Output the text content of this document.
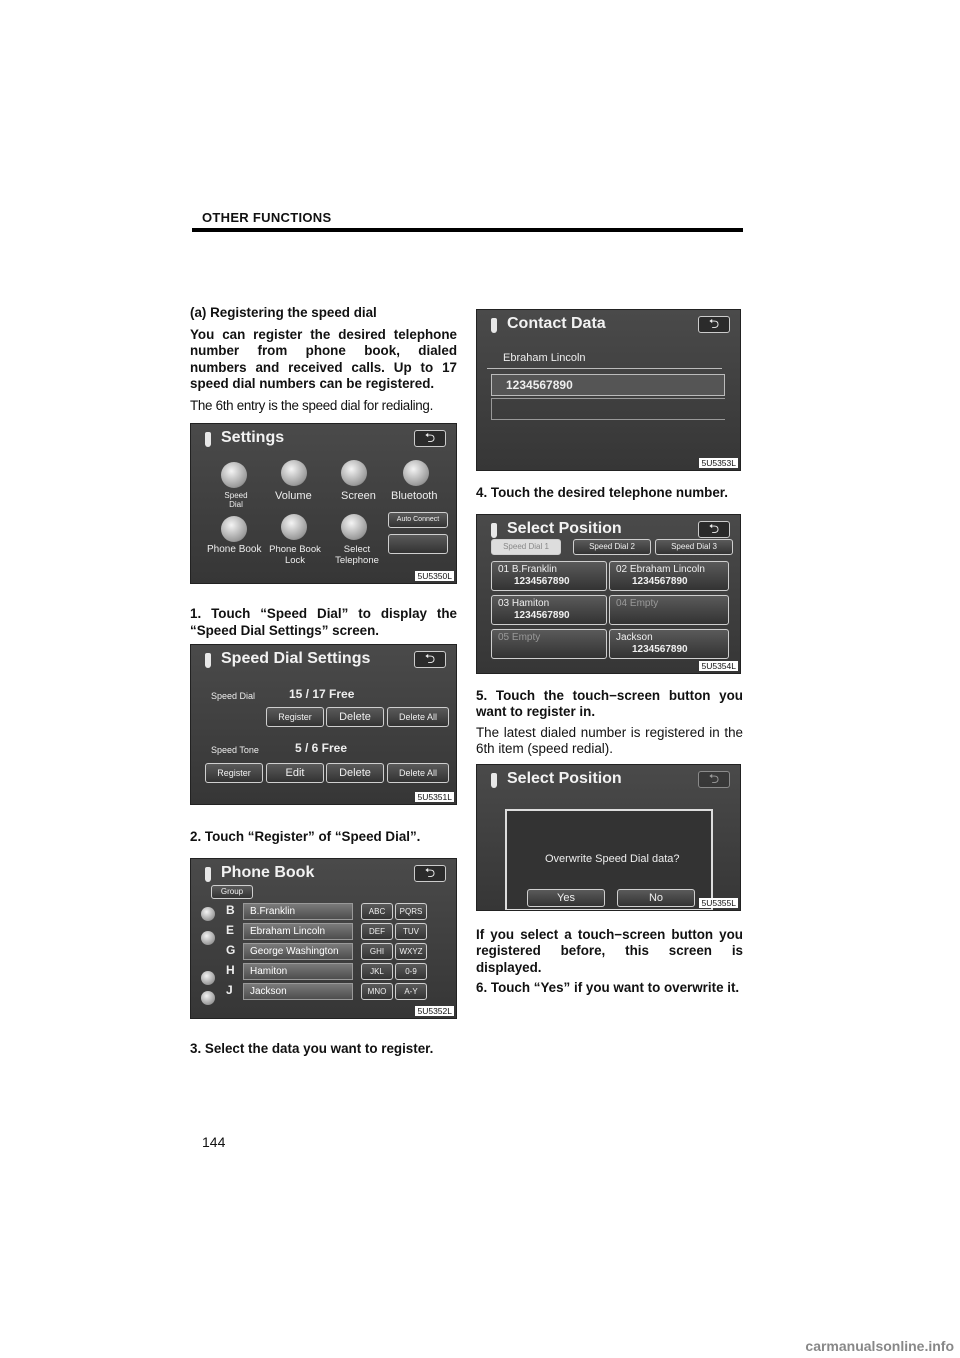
OTHER FUNCTIONS
(a) Registering the speed dial
You can register the desired telephone number from phone book, dialed numbers and received calls. Up to 17 speed dial numbers can be registered.
The 6th entry is the speed dial for redialing.
Settings	⮌
Speed Dial
Volume	Screen Bluetooth
Phone Book Phone Book Lock
Select Telephone
Auto Connect
5U5350L
1. Touch “Speed Dial” to display the “Speed Dial Settings” screen.
Speed Dial Settings	⮌
Speed Dial	15 / 17 Free
Register	Delete	Delete All
Speed Tone	5 / 6 Free
Register	Edit	Delete	Delete All
5U5351L
2. Touch “Register” of “Speed Dial”.
Phone Book	⮌
Group
B	B.Franklin	ABC	PQRS
E	Ebraham Lincoln	DEF	TUV
G	George Washington	GHI	WXYZ
H	Hamiton	JKL	0-9
J	Jackson	MNO	A-Y
5U5352L
3. Select the data you want to register.
Contact Data	⮌
Ebraham Lincoln
1234567890
5U5353L
4. Touch the desired telephone number.
Select Position	⮌
Speed Dial 1	Speed Dial 2	Speed Dial 3
01 B.Franklin
1234567890
02 Ebraham Lincoln
1234567890
03 Hamiton
1234567890
04 Empty
05 Empty	Jackson
1234567890
5U5354L
5. Touch the touch−screen button you want to register in.
The latest dialed number is registered in the 6th item (speed redial).
Select Position	⮌
Overwrite Speed Dial data?
Yes	No	5U5355L
If you select a touch−screen button you registered before, this screen is displayed.
6. Touch “Yes” if you want to overwrite it.
144
carmanualsonline.info
